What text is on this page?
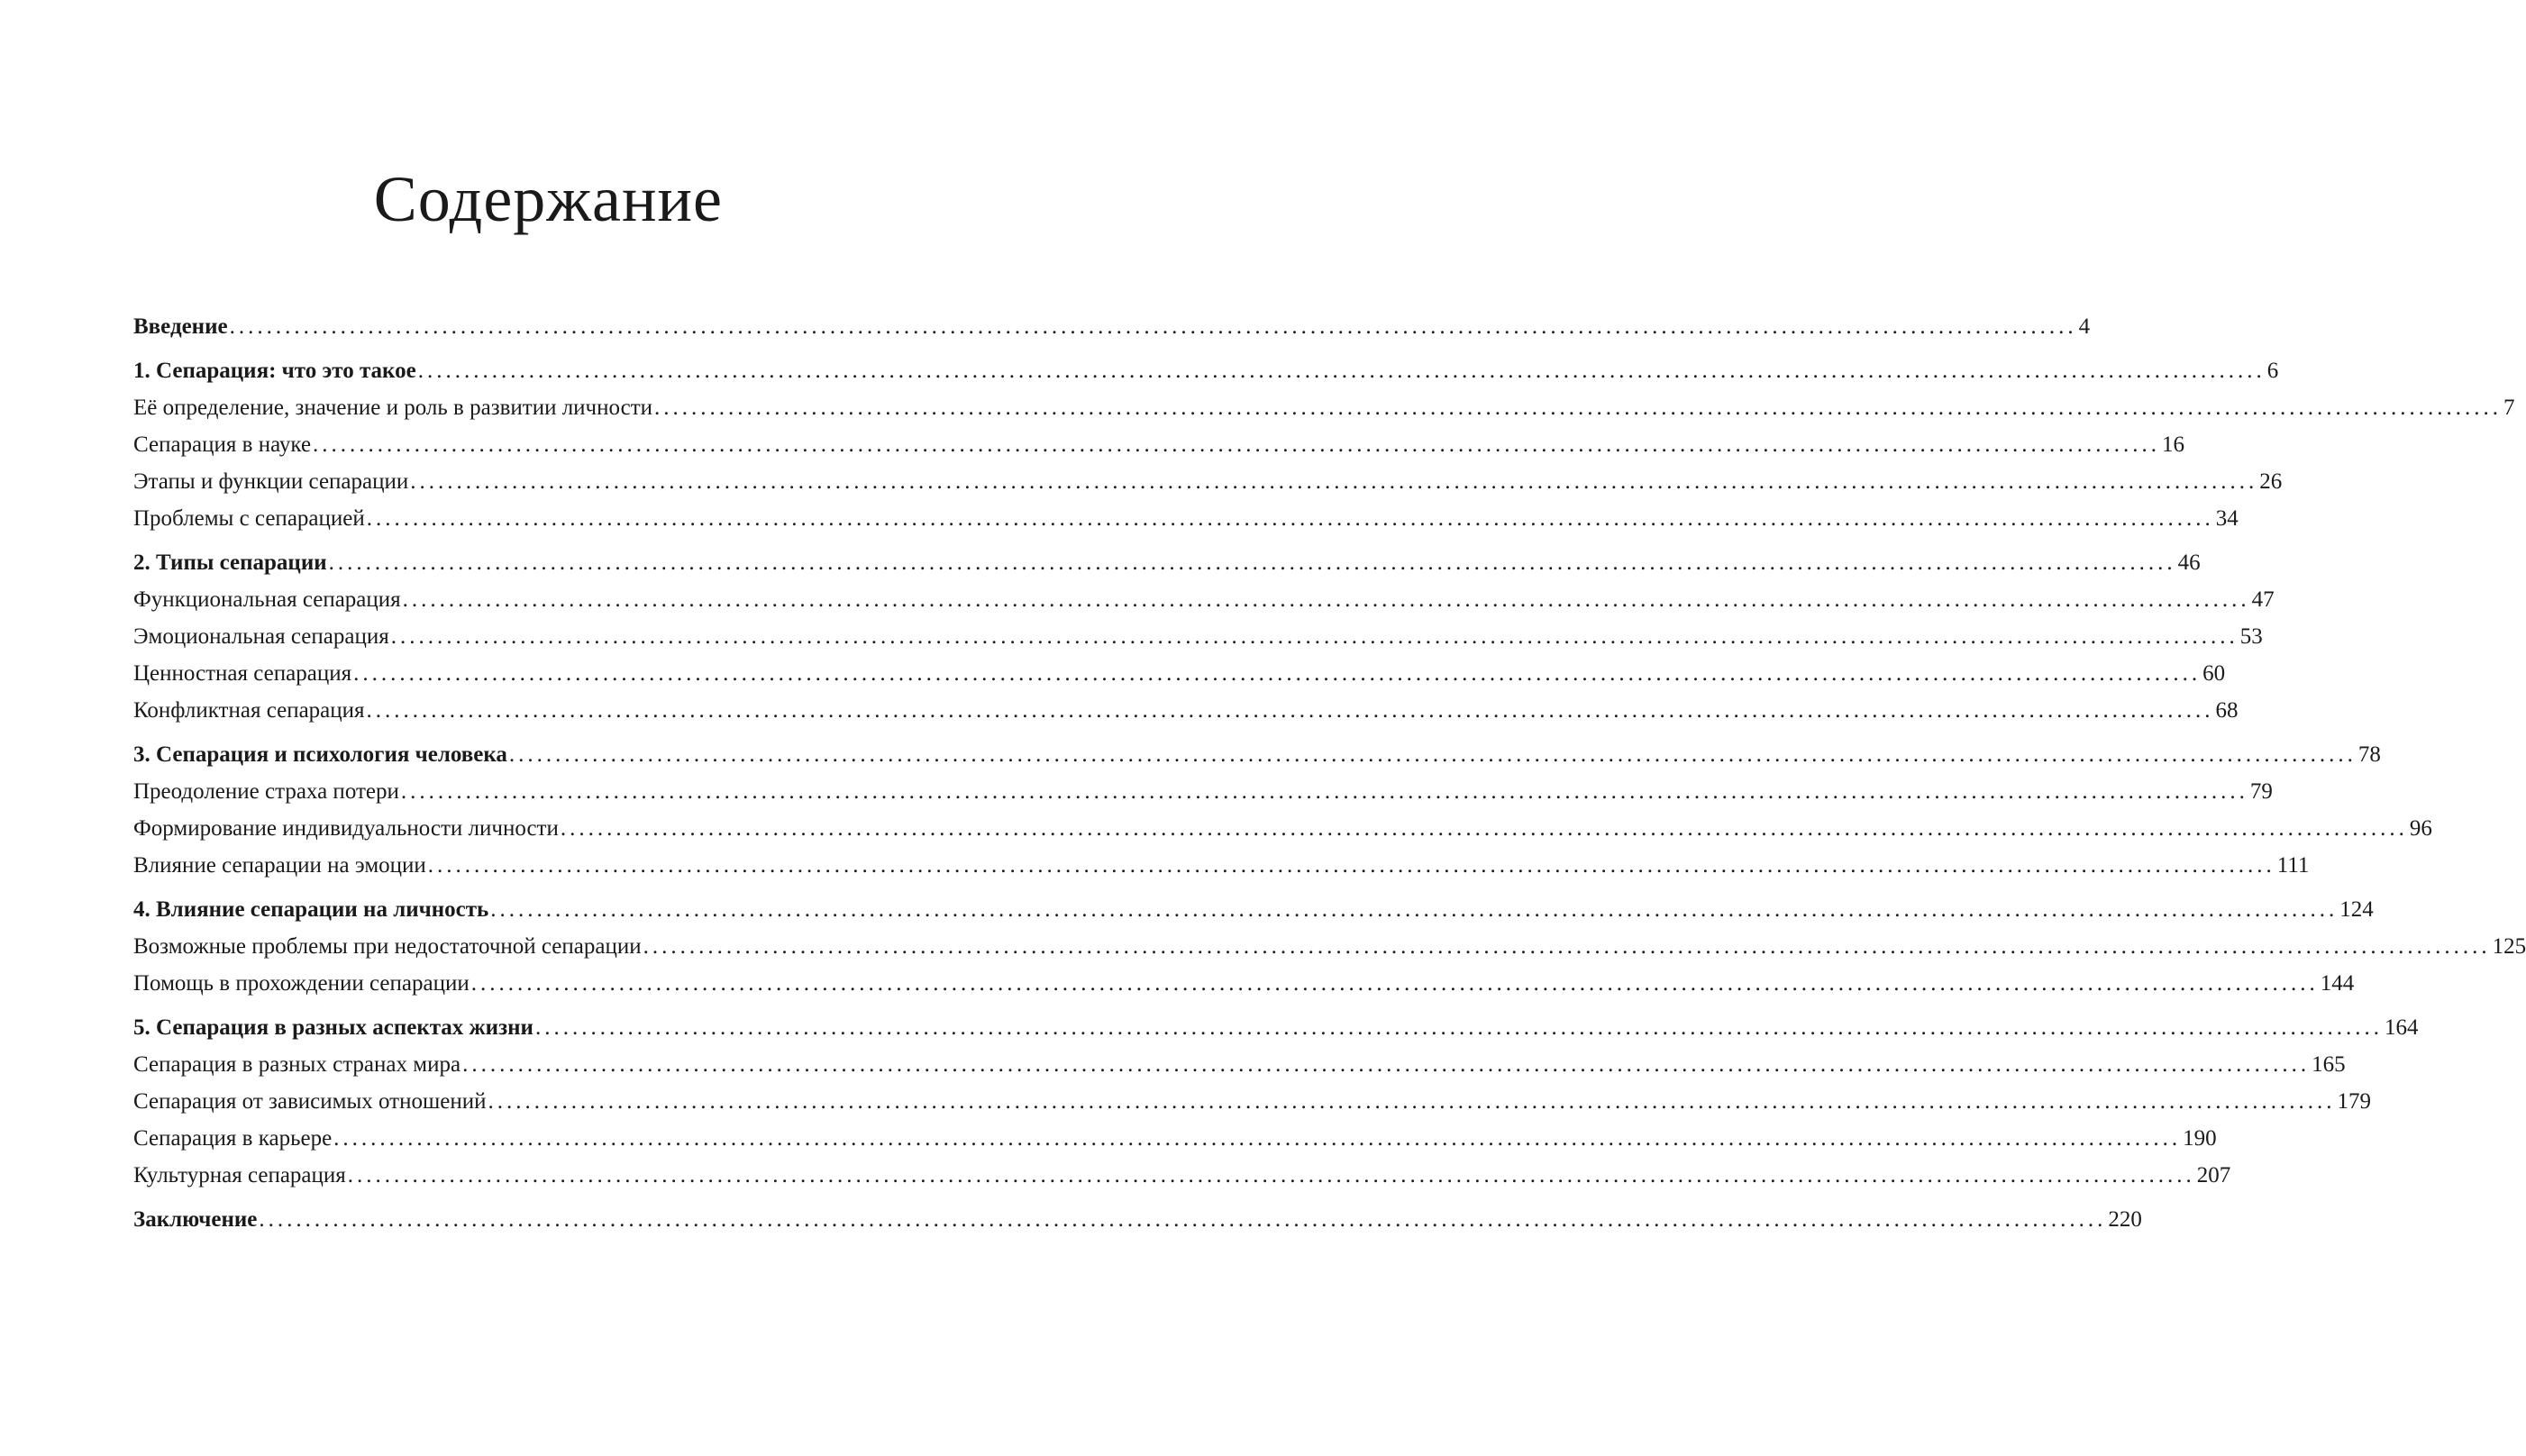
Содержание
Введение ........................................................................................................................................................................................................ 4
1. Сепарация: что это такое ........................................................................................................................................................................................................ 6
Её определение, значение и роль в развитии личности ........................................................................................................................................................................................................ 7
Сепарация в науке ........................................................................................................................................................................................................ 16
Этапы и функции сепарации ........................................................................................................................................................................................................ 26
Проблемы с сепарацией ........................................................................................................................................................................................................ 34
2. Типы сепарации ........................................................................................................................................................................................................ 46
Функциональная сепарация ........................................................................................................................................................................................................ 47
Эмоциональная сепарация ........................................................................................................................................................................................................ 53
Ценностная сепарация ........................................................................................................................................................................................................ 60
Конфликтная сепарация ........................................................................................................................................................................................................ 68
3. Сепарация и психология человека ........................................................................................................................................................................................................ 78
Преодоление страха потери ........................................................................................................................................................................................................ 79
Формирование индивидуальности личности ........................................................................................................................................................................................................ 96
Влияние сепарации на эмоции ........................................................................................................................................................................................................ 111
4. Влияние сепарации на личность ........................................................................................................................................................................................................ 124
Возможные проблемы при недостаточной сепарации ........................................................................................................................................................................................................ 125
Помощь в прохождении сепарации ........................................................................................................................................................................................................ 144
5. Сепарация в разных аспектах жизни ........................................................................................................................................................................................................ 164
Сепарация в разных странах мира ........................................................................................................................................................................................................ 165
Сепарация от зависимых отношений ........................................................................................................................................................................................................ 179
Сепарация в карьере ........................................................................................................................................................................................................ 190
Культурная сепарация ........................................................................................................................................................................................................ 207
Заключение ........................................................................................................................................................................................................ 220
